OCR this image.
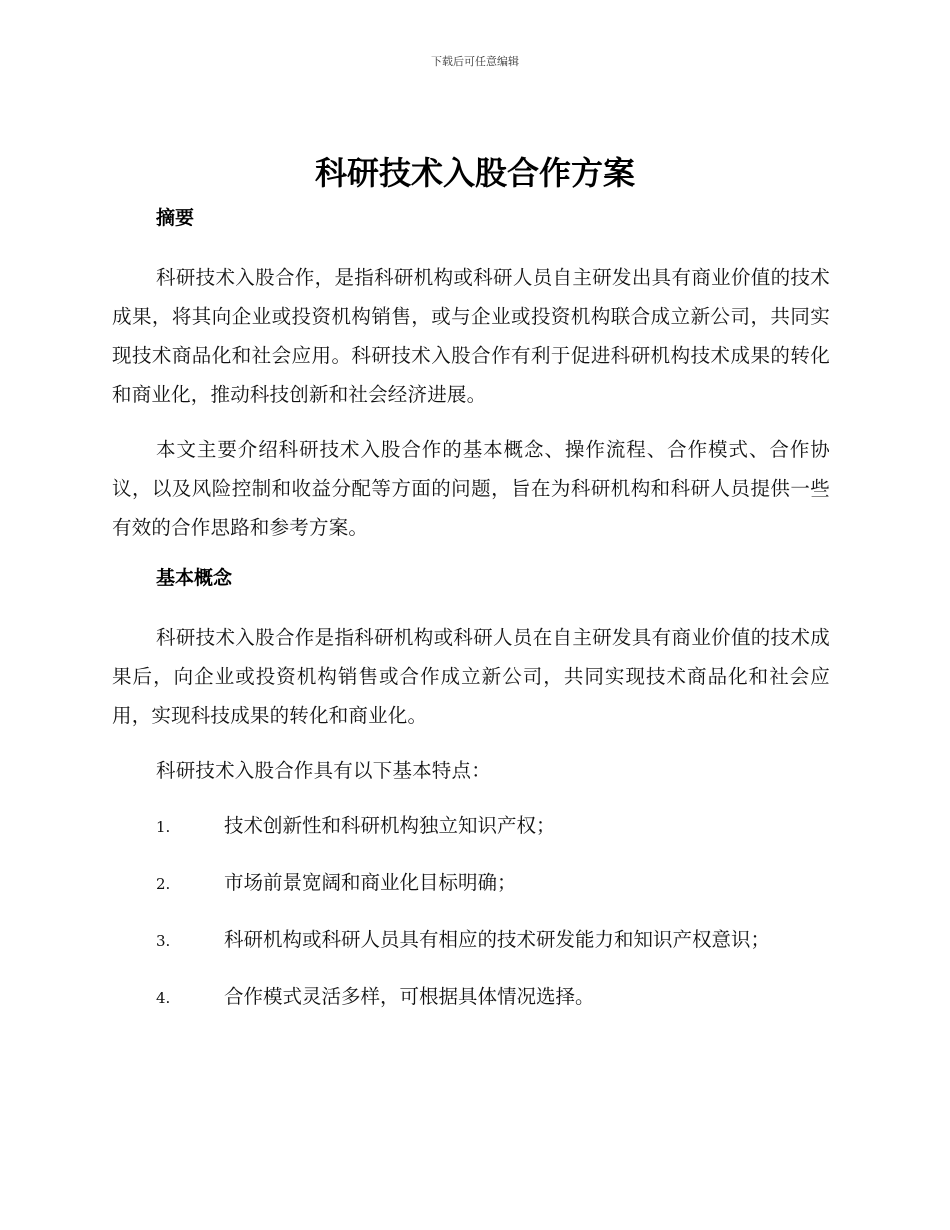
下载后可任意编辑
科研技术入股合作方案
摘要

科研技术入股合作，是指科研机构或科研人员自主研发出具有商业价值的技术成果，将其向企业或投资机构销售，或与企业或投资机构联合成立新公司，共同实现技术商品化和社会应用。科研技术入股合作有利于促进科研机构技术成果的转化和商业化，推动科技创新和社会经济进展。

本文主要介绍科研技术入股合作的基本概念、操作流程、合作模式、合作协议，以及风险控制和收益分配等方面的问题，旨在为科研机构和科研人员提供一些有效的合作思路和参考方案。

基本概念

科研技术入股合作是指科研机构或科研人员在自主研发具有商业价值的技术成果后，向企业或投资机构销售或合作成立新公司，共同实现技术商品化和社会应用，实现科技成果的转化和商业化。

科研技术入股合作具有以下基本特点：

1.	技术创新性和科研机构独立知识产权；
2.	市场前景宽阔和商业化目标明确；
3.	科研机构或科研人员具有相应的技术研发能力和知识产权意识；
4.	合作模式灵活多样，可根据具体情况选择。
